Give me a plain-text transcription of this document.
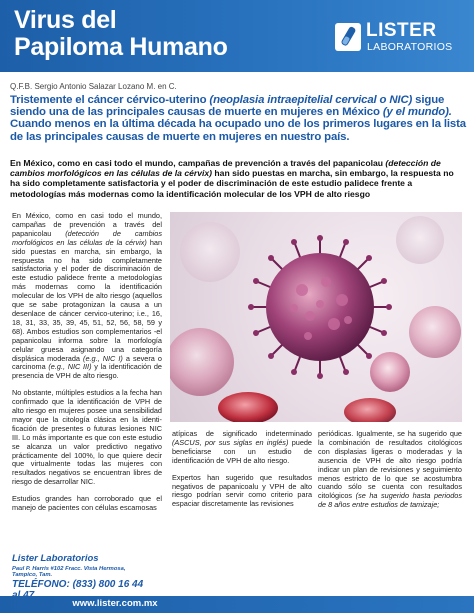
Virus del
Papiloma Humano
LISTER
LABORATORIOS
Q.F.B. Sergio Antonio Salazar Lozano M. en C.
Tristemente el cáncer cérvico-uterino (neoplasia intraepitelial cervical o NIC) sigue siendo una de las principales causas de muerte en mujeres en México (y el mundo). Cuando menos en la última década ha ocupado uno de los primeros lugares en la lista de las principales causas de muerte en mujeres en nuestro país.
En México, como en casi todo el mundo, campañas de prevención a través del papanicolau (detección de cambios morfológicos en las células de la cérvix) han sido puestas en marcha, sin embargo, la respuesta no ha sido completamente satisfactoria y el poder de discriminación de este estudio palidece frente a metodologías más modernas como la identificación molecular de los VPH de alto riesgo

En México, como en casi todo el mundo, campañas de prevención a través del papanicolau (detección de cambios morfológicos en las células de la cérvix) han sido puestas en marcha, sin embargo, la respuesta no ha sido completamente satisfactoria y el poder de discriminación de este estudio palidece frente a metodologías más modernas como la identificación molecular de los VPH de alto riesgo (aquellos que se sabe protagonizan la causa a un desenlace de cáncer cervico-uterino; i.e., 16, 18, 31, 33, 35, 39, 45, 51, 52, 56, 58, 59 y 68). Ambos estudios son complementarios -el papanicolau informa sobre la morfología celular gruesa asignando una categoría displásica moderada (e.g., NIC I) a severa o carcinoma (e.g., NIC III) y la identificación de presencia de VPH de alto riesgo.

No obstante, múltiples estudios a la fecha han confirmado que la identificación de VPH de alto riesgo en mujeres posee una sensibilidad mayor que la citología clásica en la identi- ficación de presentes o futuras lesiones NIC III. Lo más importante es que con este estudio se alcanza un valor predictivo negativo prácticamente del 100%, lo que quiere decir que virtualmente todas las mujeres con resultados negativos se encuentran libres de riesgo de desarrollar NIC.

Estudios grandes han corroborado que el manejo de pacientes con células escamosas

atípicas de significado indeterminado (ASCUS, por sus siglas en inglés) puede beneficiarse con un estudio de identificación de VPH de alto riesgo.

Expertos han sugerido que resultados negativos de papanicoalu y VPH de alto riesgo podrían servir como criterio para espaciar discretamente las revisiones

periódicas. Igualmente, se ha sugerido que la combinación de resultados citológicos con displasias ligeras o moderadas y la ausencia de VPH de alto riesgo podría indicar un plan de revisiones y seguimiento menos estricto de lo que se acostumbra cuando sólo se cuenta con resultados citológicos (se ha sugerido hasta periodos de 8 años entre estudios de tamizaje;
Lister Laboratorios
Paul P. Harris #102 Fracc. Vista Hermosa, Tampico, Tam.
TELÉFONO: (833) 800 16 44
www.lister.com.mx
